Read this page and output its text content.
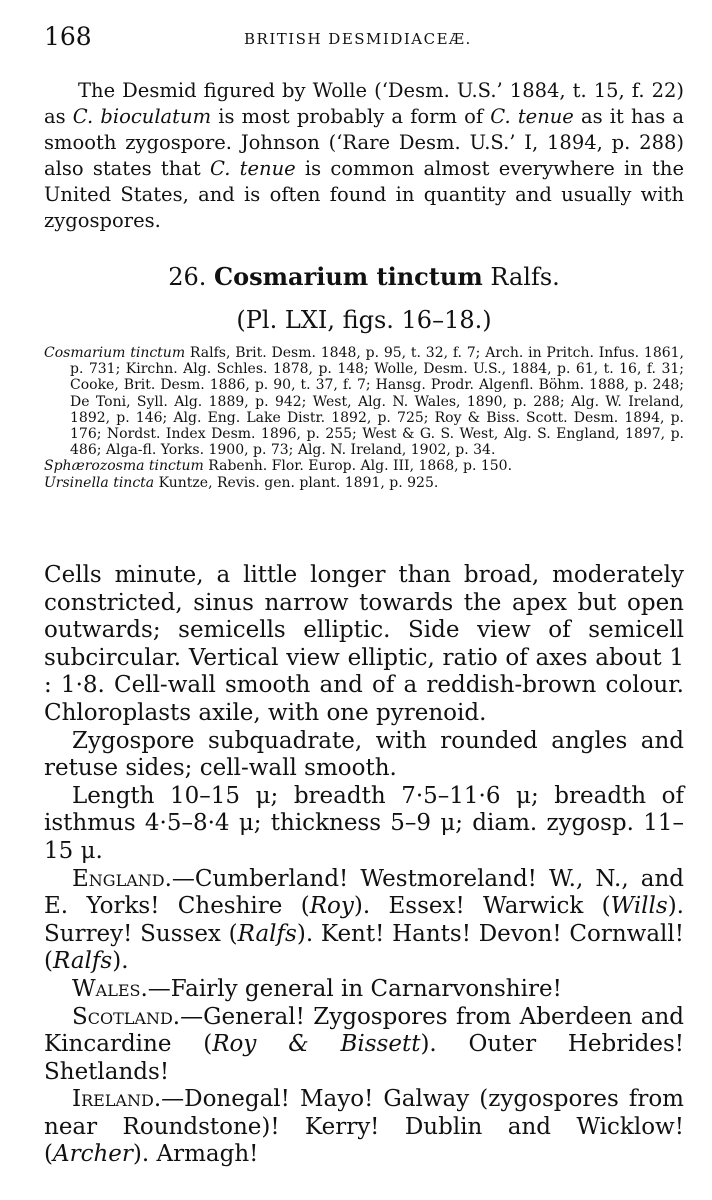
168	BRITISH DESMIDIACEÆ.

The Desmid figured by Wolle (‘Desm. U.S.’ 1884, t. 15, f. 22) as C. bioculatum is most probably a form of C. tenue as it has a smooth zygospore. Johnson (‘Rare Desm. U.S.’ I, 1894, p. 288) also states that C. tenue is common almost everywhere in the United States, and is often found in quantity and usually with zygospores.

26. Cosmarium tinctum Ralfs.
(Pl. LXI, figs. 16–18.)

Cosmarium tinctum Ralfs, Brit. Desm. 1848, p. 95, t. 32, f. 7; Arch. in Pritch. Infus. 1861, p. 731; Kirchn. Alg. Schles. 1878, p. 148; Wolle, Desm. U.S., 1884, p. 61, t. 16, f. 31; Cooke, Brit. Desm. 1886, p. 90, t. 37, f. 7; Hansg. Prodr. Algenfl. Böhm. 1888, p. 248; De Toni, Syll. Alg. 1889, p. 942; West, Alg. N. Wales, 1890, p. 288; Alg. W. Ireland, 1892, p. 146; Alg. Eng. Lake Distr. 1892, p. 725; Roy & Biss. Scott. Desm. 1894, p. 176; Nordst. Index Desm. 1896, p. 255; West & G. S. West, Alg. S. England, 1897, p. 486; Alga-fl. Yorks. 1900, p. 73; Alg. N. Ireland, 1902, p. 34.

Sphærozosma tinctum Rabenh. Flor. Europ. Alg. III, 1868, p. 150.

Ursinella tincta Kuntze, Revis. gen. plant. 1891, p. 925.

Cells minute, a little longer than broad, moderately constricted, sinus narrow towards the apex but open outwards; semicells elliptic. Side view of semicell subcircular. Vertical view elliptic, ratio of axes about 1 : 1·8. Cell-wall smooth and of a reddish-brown colour. Chloroplasts axile, with one pyrenoid.

Zygospore subquadrate, with rounded angles and retuse sides; cell-wall smooth.

Length 10–15 μ; breadth 7·5–11·6 μ; breadth of isthmus 4·5–8·4 μ; thickness 5–9 μ; diam. zygosp. 11–15 μ.

England.—Cumberland! Westmoreland! W., N., and E. Yorks! Cheshire (Roy). Essex! Warwick (Wills). Surrey! Sussex (Ralfs). Kent! Hants! Devon! Cornwall! (Ralfs).

Wales.—Fairly general in Carnarvonshire!

Scotland.—General! Zygospores from Aberdeen and Kincardine (Roy & Bissett). Outer Hebrides! Shetlands!

Ireland.—Donegal! Mayo! Galway (zygospores from near Roundstone)! Kerry! Dublin and Wicklow! (Archer). Armagh!
